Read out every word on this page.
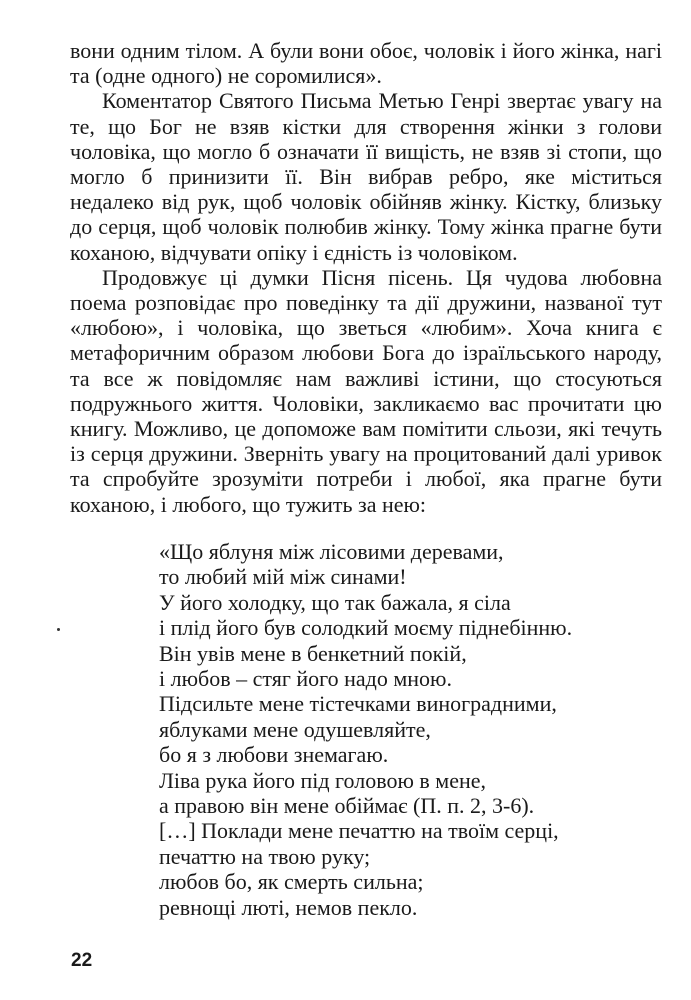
вони одним тілом. А були вони обоє, чоловік і його жінка, нагі та (одне одного) не соромилися».

Коментатор Святого Письма Метью Генрі звертає увагу на те, що Бог не взяв кістки для створення жінки з голови чоловіка, що могло б означати її вищість, не взяв зі стопи, що могло б принизити її. Він вибрав ребро, яке міститься недалеко від рук, щоб чоловік обійняв жінку. Кістку, близьку до серця, щоб чоловік полюбив жінку. Тому жінка прагне бути коханою, відчувати опіку і єдність із чоловіком.

Продовжує ці думки Пісня пісень. Ця чудова любовна поема розповідає про поведінку та дії дружини, названої тут «любою», і чоловіка, що зветься «любим». Хоча книга є метафоричним образом любови Бога до ізраїльського народу, та все ж повідомляє нам важливі істини, що стосуються подружнього життя. Чоловіки, закликаємо вас прочитати цю книгу. Можливо, це допоможе вам помітити сльози, які течуть із серця дружини. Зверніть увагу на процитований далі уривок та спробуйте зрозуміти потреби і любої, яка прагне бути коханою, і любого, що тужить за нею:

«Що яблуня між лісовими деревами,
то любий мій між синами!
У його холодку, що так бажала, я сіла
і плід його був солодкий моєму піднебінню.
Він увів мене в бенкетний покій,
і любов – стяг його надо мною.
Підсильте мене тістечками виноградними,
яблуками мене одушевляйте,
бо я з любови знемагаю.
Ліва рука його під головою в мене,
а правою він мене обіймає (П. п. 2, 3-6).
[…] Поклади мене печаттю на твоїм серці,
печаттю на твою руку;
любов бо, як смерть сильна;
ревнощі люті, немов пекло.
22
